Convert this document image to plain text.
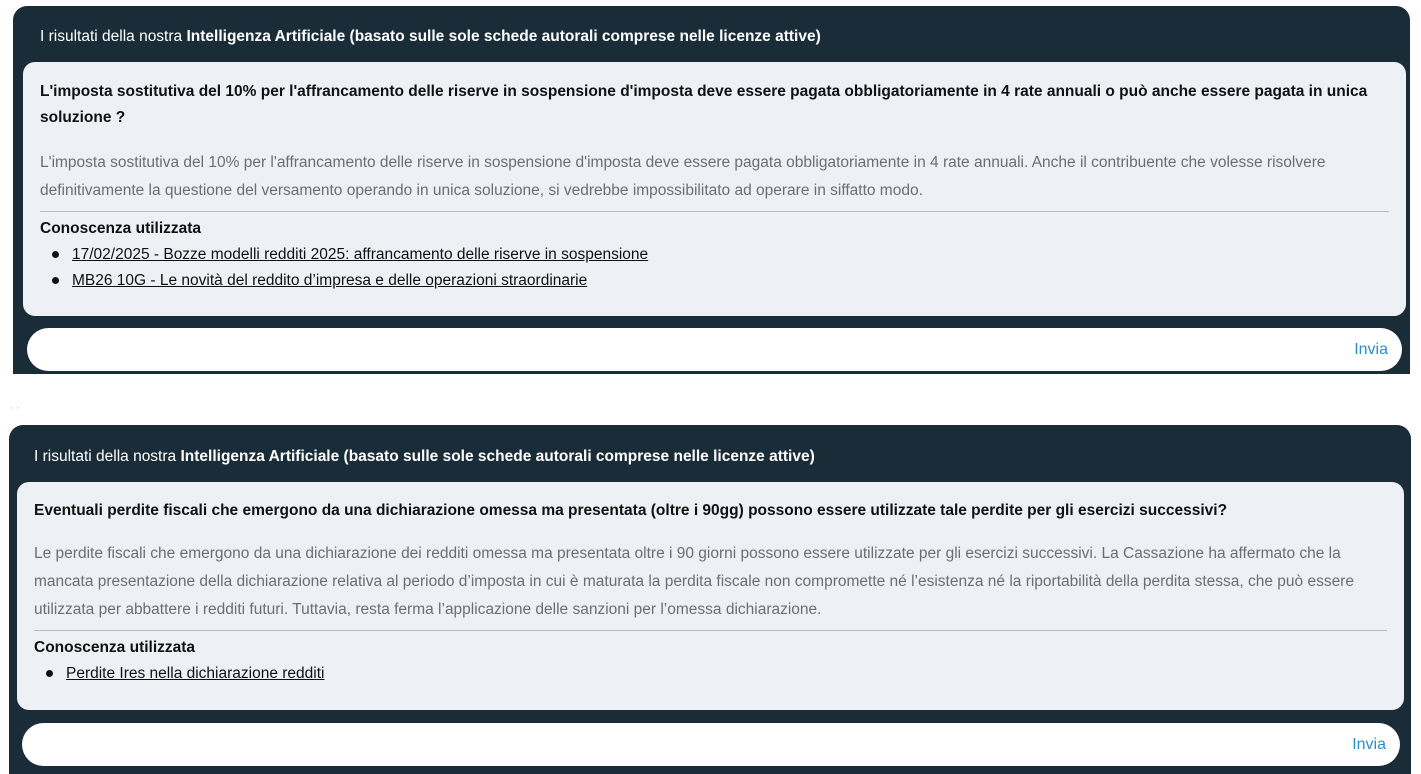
I risultati della nostra Intelligenza Artificiale (basato sulle sole schede autorali comprese nelle licenze attive)
L'imposta sostitutiva del 10% per l'affrancamento delle riserve in sospensione d'imposta deve essere pagata obbligatoriamente in 4 rate annuali o può anche essere pagata in unica soluzione ?
L'imposta sostitutiva del 10% per l'affrancamento delle riserve in sospensione d'imposta deve essere pagata obbligatoriamente in 4 rate annuali. Anche il contribuente che volesse risolvere definitivamente la questione del versamento operando in unica soluzione, si vedrebbe impossibilitato ad operare in siffatto modo.
Conoscenza utilizzata
17/02/2025 - Bozze modelli redditi 2025: affrancamento delle riserve in sospensione
MB26 10G - Le novità del reddito d’impresa e delle operazioni straordinarie
Invia
··
I risultati della nostra Intelligenza Artificiale (basato sulle sole schede autorali comprese nelle licenze attive)
Eventuali perdite fiscali che emergono da una dichiarazione omessa ma presentata (oltre i 90gg) possono essere utilizzate tale perdite per gli esercizi successivi?
Le perdite fiscali che emergono da una dichiarazione dei redditi omessa ma presentata oltre i 90 giorni possono essere utilizzate per gli esercizi successivi. La Cassazione ha affermato che la mancata presentazione della dichiarazione relativa al periodo d’imposta in cui è maturata la perdita fiscale non compromette né l’esistenza né la riportabilità della perdita stessa, che può essere utilizzata per abbattere i redditi futuri. Tuttavia, resta ferma l’applicazione delle sanzioni per l’omessa dichiarazione.
Conoscenza utilizzata
Perdite Ires nella dichiarazione redditi
Invia
